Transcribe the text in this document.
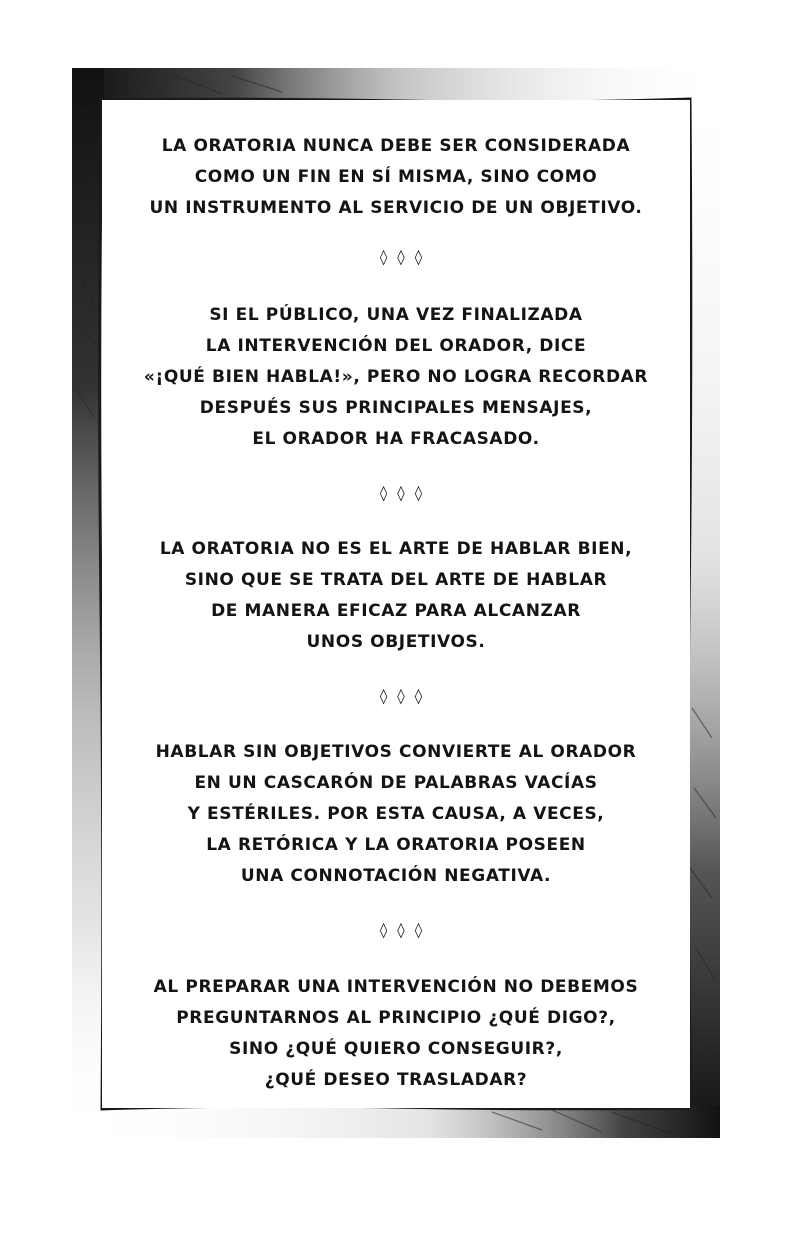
LA ORATORIA NUNCA DEBE SER CONSIDERADA
COMO UN FIN EN SÍ MISMA, SINO COMO
UN INSTRUMENTO AL SERVICIO DE UN OBJETIVO.

◊◊◊

SI EL PÚBLICO, UNA VEZ FINALIZADA
LA INTERVENCIÓN DEL ORADOR, DICE
«¡QUÉ BIEN HABLA!», PERO NO LOGRA RECORDAR
DESPUÉS SUS PRINCIPALES MENSAJES,
EL ORADOR HA FRACASADO.

◊◊◊

LA ORATORIA NO ES EL ARTE DE HABLAR BIEN,
SINO QUE SE TRATA DEL ARTE DE HABLAR
DE MANERA EFICAZ PARA ALCANZAR
UNOS OBJETIVOS.

◊◊◊

HABLAR SIN OBJETIVOS CONVIERTE AL ORADOR
EN UN CASCARÓN DE PALABRAS VACÍAS
Y ESTÉRILES. POR ESTA CAUSA, A VECES,
LA RETÓRICA Y LA ORATORIA POSEEN
UNA CONNOTACIÓN NEGATIVA.

◊◊◊

AL PREPARAR UNA INTERVENCIÓN NO DEBEMOS
PREGUNTARNOS AL PRINCIPIO ¿QUÉ DIGO?,
SINO ¿QUÉ QUIERO CONSEGUIR?,
¿QUÉ DESEO TRASLADAR?
